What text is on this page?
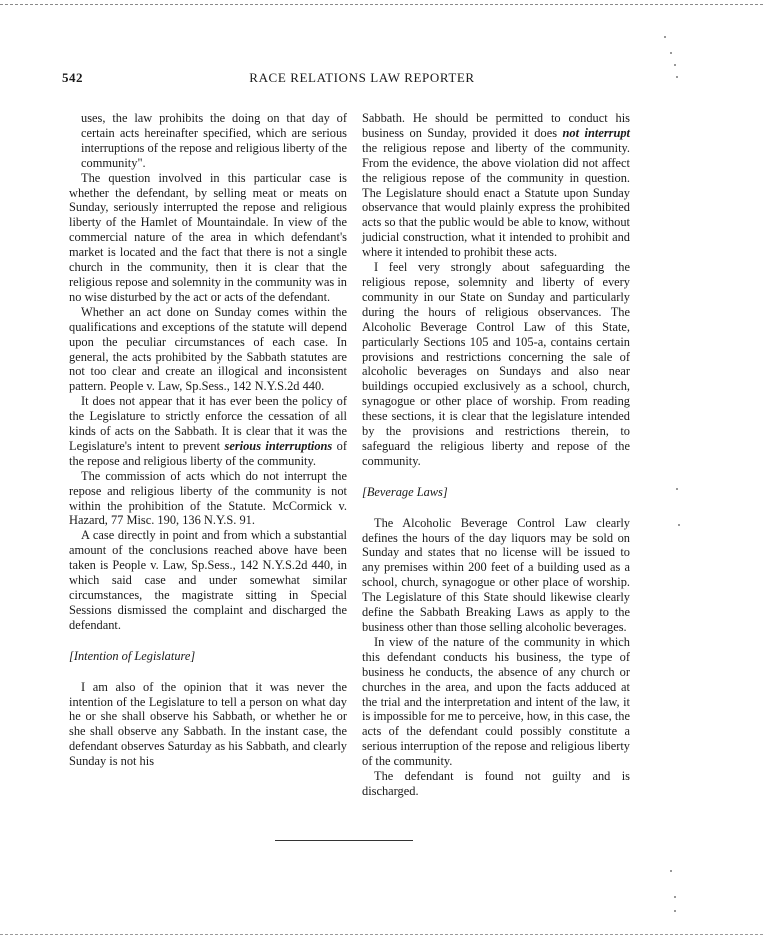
542	RACE RELATIONS LAW REPORTER

uses, the law prohibits the doing on that day of certain acts hereinafter specified, which are serious interruptions of the repose and religious liberty of the community".

The question involved in this particular case is whether the defendant, by selling meat or meats on Sunday, seriously interrupted the repose and religious liberty of the Hamlet of Mountaindale. In view of the commercial nature of the area in which defendant's market is located and the fact that there is not a single church in the community, then it is clear that the religious repose and solemnity in the community was in no wise disturbed by the act or acts of the defendant.

Whether an act done on Sunday comes within the qualifications and exceptions of the statute will depend upon the peculiar circumstances of each case. In general, the acts prohibited by the Sabbath statutes are not too clear and create an illogical and inconsistent pattern. People v. Law, Sp.Sess., 142 N.Y.S.2d 440.

It does not appear that it has ever been the policy of the Legislature to strictly enforce the cessation of all kinds of acts on the Sabbath. It is clear that it was the Legislature's intent to prevent serious interruptions of the repose and religious liberty of the community.

The commission of acts which do not interrupt the repose and religious liberty of the community is not within the prohibition of the Statute. McCormick v. Hazard, 77 Misc. 190, 136 N.Y.S. 91.

A case directly in point and from which a substantial amount of the conclusions reached above have been taken is People v. Law, Sp.Sess., 142 N.Y.S.2d 440, in which said case and under somewhat similar circumstances, the magistrate sitting in Special Sessions dismissed the complaint and discharged the defendant.

[Intention of Legislature]

I am also of the opinion that it was never the intention of the Legislature to tell a person on what day he or she shall observe his Sabbath, or whether he or she shall observe any Sabbath. In the instant case, the defendant observes Saturday as his Sabbath, and clearly Sunday is not his

Sabbath. He should be permitted to conduct his business on Sunday, provided it does not interrupt the religious repose and liberty of the community. From the evidence, the above violation did not affect the religious repose of the community in question. The Legislature should enact a Statute upon Sunday observance that would plainly express the prohibited acts so that the public would be able to know, without judicial construction, what it intended to prohibit and where it intended to prohibit these acts.

I feel very strongly about safeguarding the religious repose, solemnity and liberty of every community in our State on Sunday and particularly during the hours of religious observances. The Alcoholic Beverage Control Law of this State, particularly Sections 105 and 105-a, contains certain provisions and restrictions concerning the sale of alcoholic beverages on Sundays and also near buildings occupied exclusively as a school, church, synagogue or other place of worship. From reading these sections, it is clear that the legislature intended by the provisions and restrictions therein, to safeguard the religious liberty and repose of the community.

[Beverage Laws]

The Alcoholic Beverage Control Law clearly defines the hours of the day liquors may be sold on Sunday and states that no license will be issued to any premises within 200 feet of a building used as a school, church, synagogue or other place of worship. The Legislature of this State should likewise clearly define the Sabbath Breaking Laws as apply to the business other than those selling alcoholic beverages.

In view of the nature of the community in which this defendant conducts his business, the type of business he conducts, the absence of any church or churches in the area, and upon the facts adduced at the trial and the interpretation and intent of the law, it is impossible for me to perceive, how, in this case, the acts of the defendant could possibly constitute a serious interruption of the repose and religious liberty of the community.

The defendant is found not guilty and is discharged.
